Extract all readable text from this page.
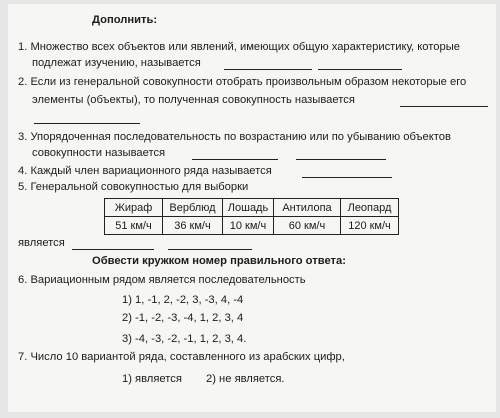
Дополнить:
1. Множество всех объектов или явлений, имеющих общую характеристику, которые
подлежат изучению, называется
2. Если из генеральной совокупности отобрать произвольным образом некоторые его
элементы (объекты), то полученная совокупность называется
3. Упорядоченная последовательность по возрастанию или по убыванию объектов
совокупности называется
4. Каждый член вариационного ряда называется
5. Генеральной совокупностью для выборки
Жираф	Верблюд	Лошадь	Антилопа	Леопард
51 км/ч	36 км/ч	10 км/ч	60 км/ч	120 км/ч
является
Обвести кружком номер правильного ответа:
6. Вариационным рядом является последовательность
1) 1, -1, 2, -2, 3, -3, 4, -4
2) -1, -2, -3, -4, 1, 2, 3, 4
3) -4, -3, -2, -1, 1, 2, 3, 4.
7. Число 10 вариантой ряда, составленного из арабских цифр,
1) является 2) не является.
